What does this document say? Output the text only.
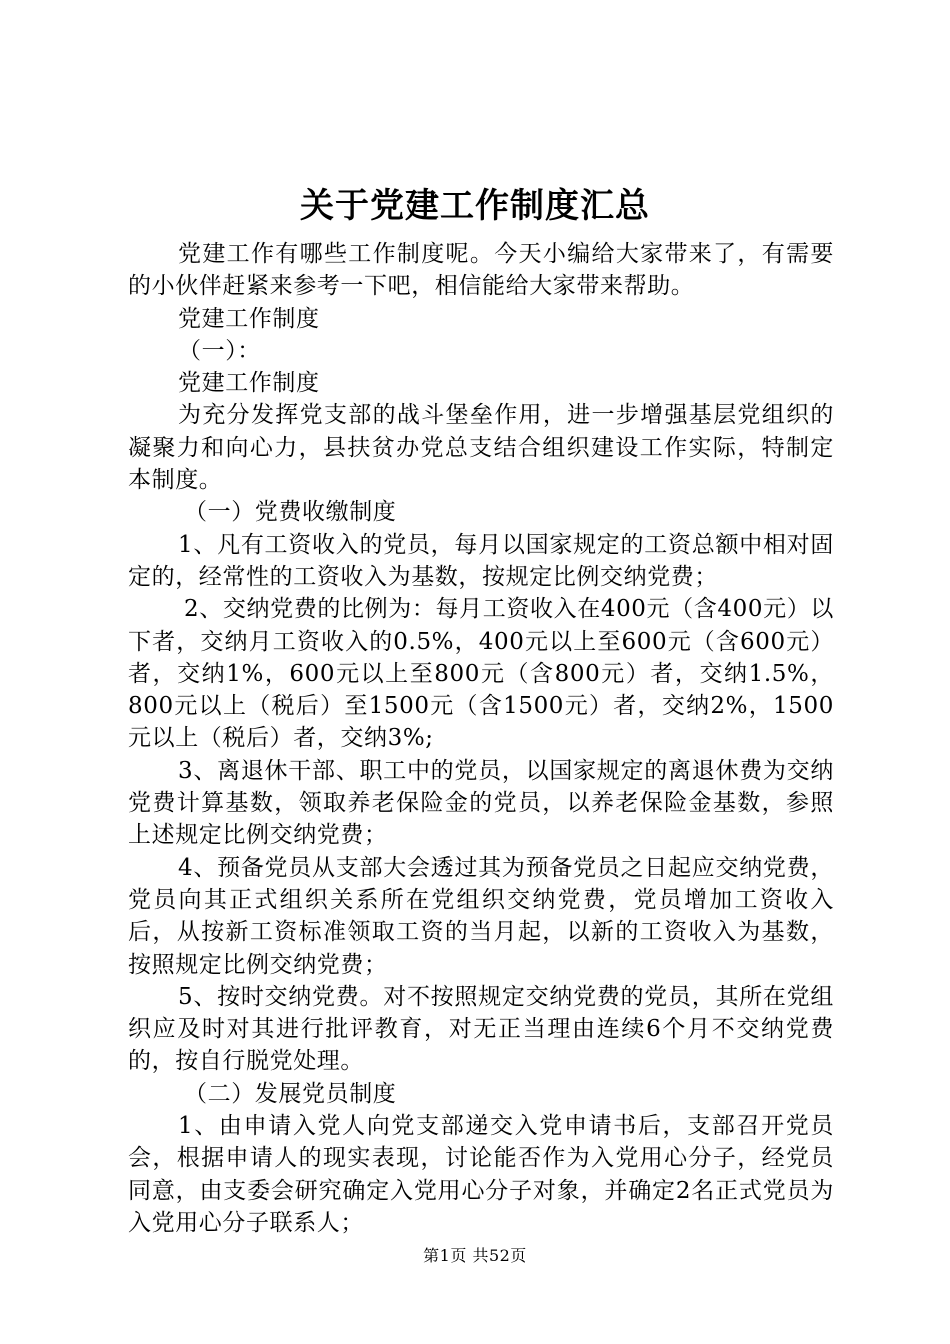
关于党建工作制度汇总

党建工作有哪些工作制度呢。今天小编给大家带来了，有需要的小伙伴赶紧来参考一下吧，相信能给大家带来帮助。

党建工作制度

（一）：

党建工作制度

为充分发挥党支部的战斗堡垒作用，进一步增强基层党组织的凝聚力和向心力，县扶贫办党总支结合组织建设工作实际，特制定本制度。

（一）党费收缴制度

1、凡有工资收入的党员，每月以国家规定的工资总额中相对固定的，经常性的工资收入为基数，按规定比例交纳党费；

2、交纳党费的比例为：每月工资收入在400元（含400元）以下者，交纳月工资收入的0.5%，400元以上至600元（含600元）者，交纳1%，600元以上至800元（含800元）者，交纳1.5%，800元以上（税后）至1500元（含1500元）者，交纳2%，1500元以上（税后）者，交纳3%;

3、离退休干部、职工中的党员，以国家规定的离退休费为交纳党费计算基数，领取养老保险金的党员，以养老保险金基数，参照上述规定比例交纳党费；

4、预备党员从支部大会透过其为预备党员之日起应交纳党费，党员向其正式组织关系所在党组织交纳党费，党员增加工资收入后，从按新工资标准领取工资的当月起，以新的工资收入为基数，按照规定比例交纳党费；

5、按时交纳党费。对不按照规定交纳党费的党员，其所在党组织应及时对其进行批评教育，对无正当理由连续6个月不交纳党费的，按自行脱党处理。

（二）发展党员制度

1、由申请入党人向党支部递交入党申请书后，支部召开党员会，根据申请人的现实表现，讨论能否作为入党用心分子，经党员同意，由支委会研究确定入党用心分子对象，并确定2名正式党员为入党用心分子联系人；

第1页 共52页
